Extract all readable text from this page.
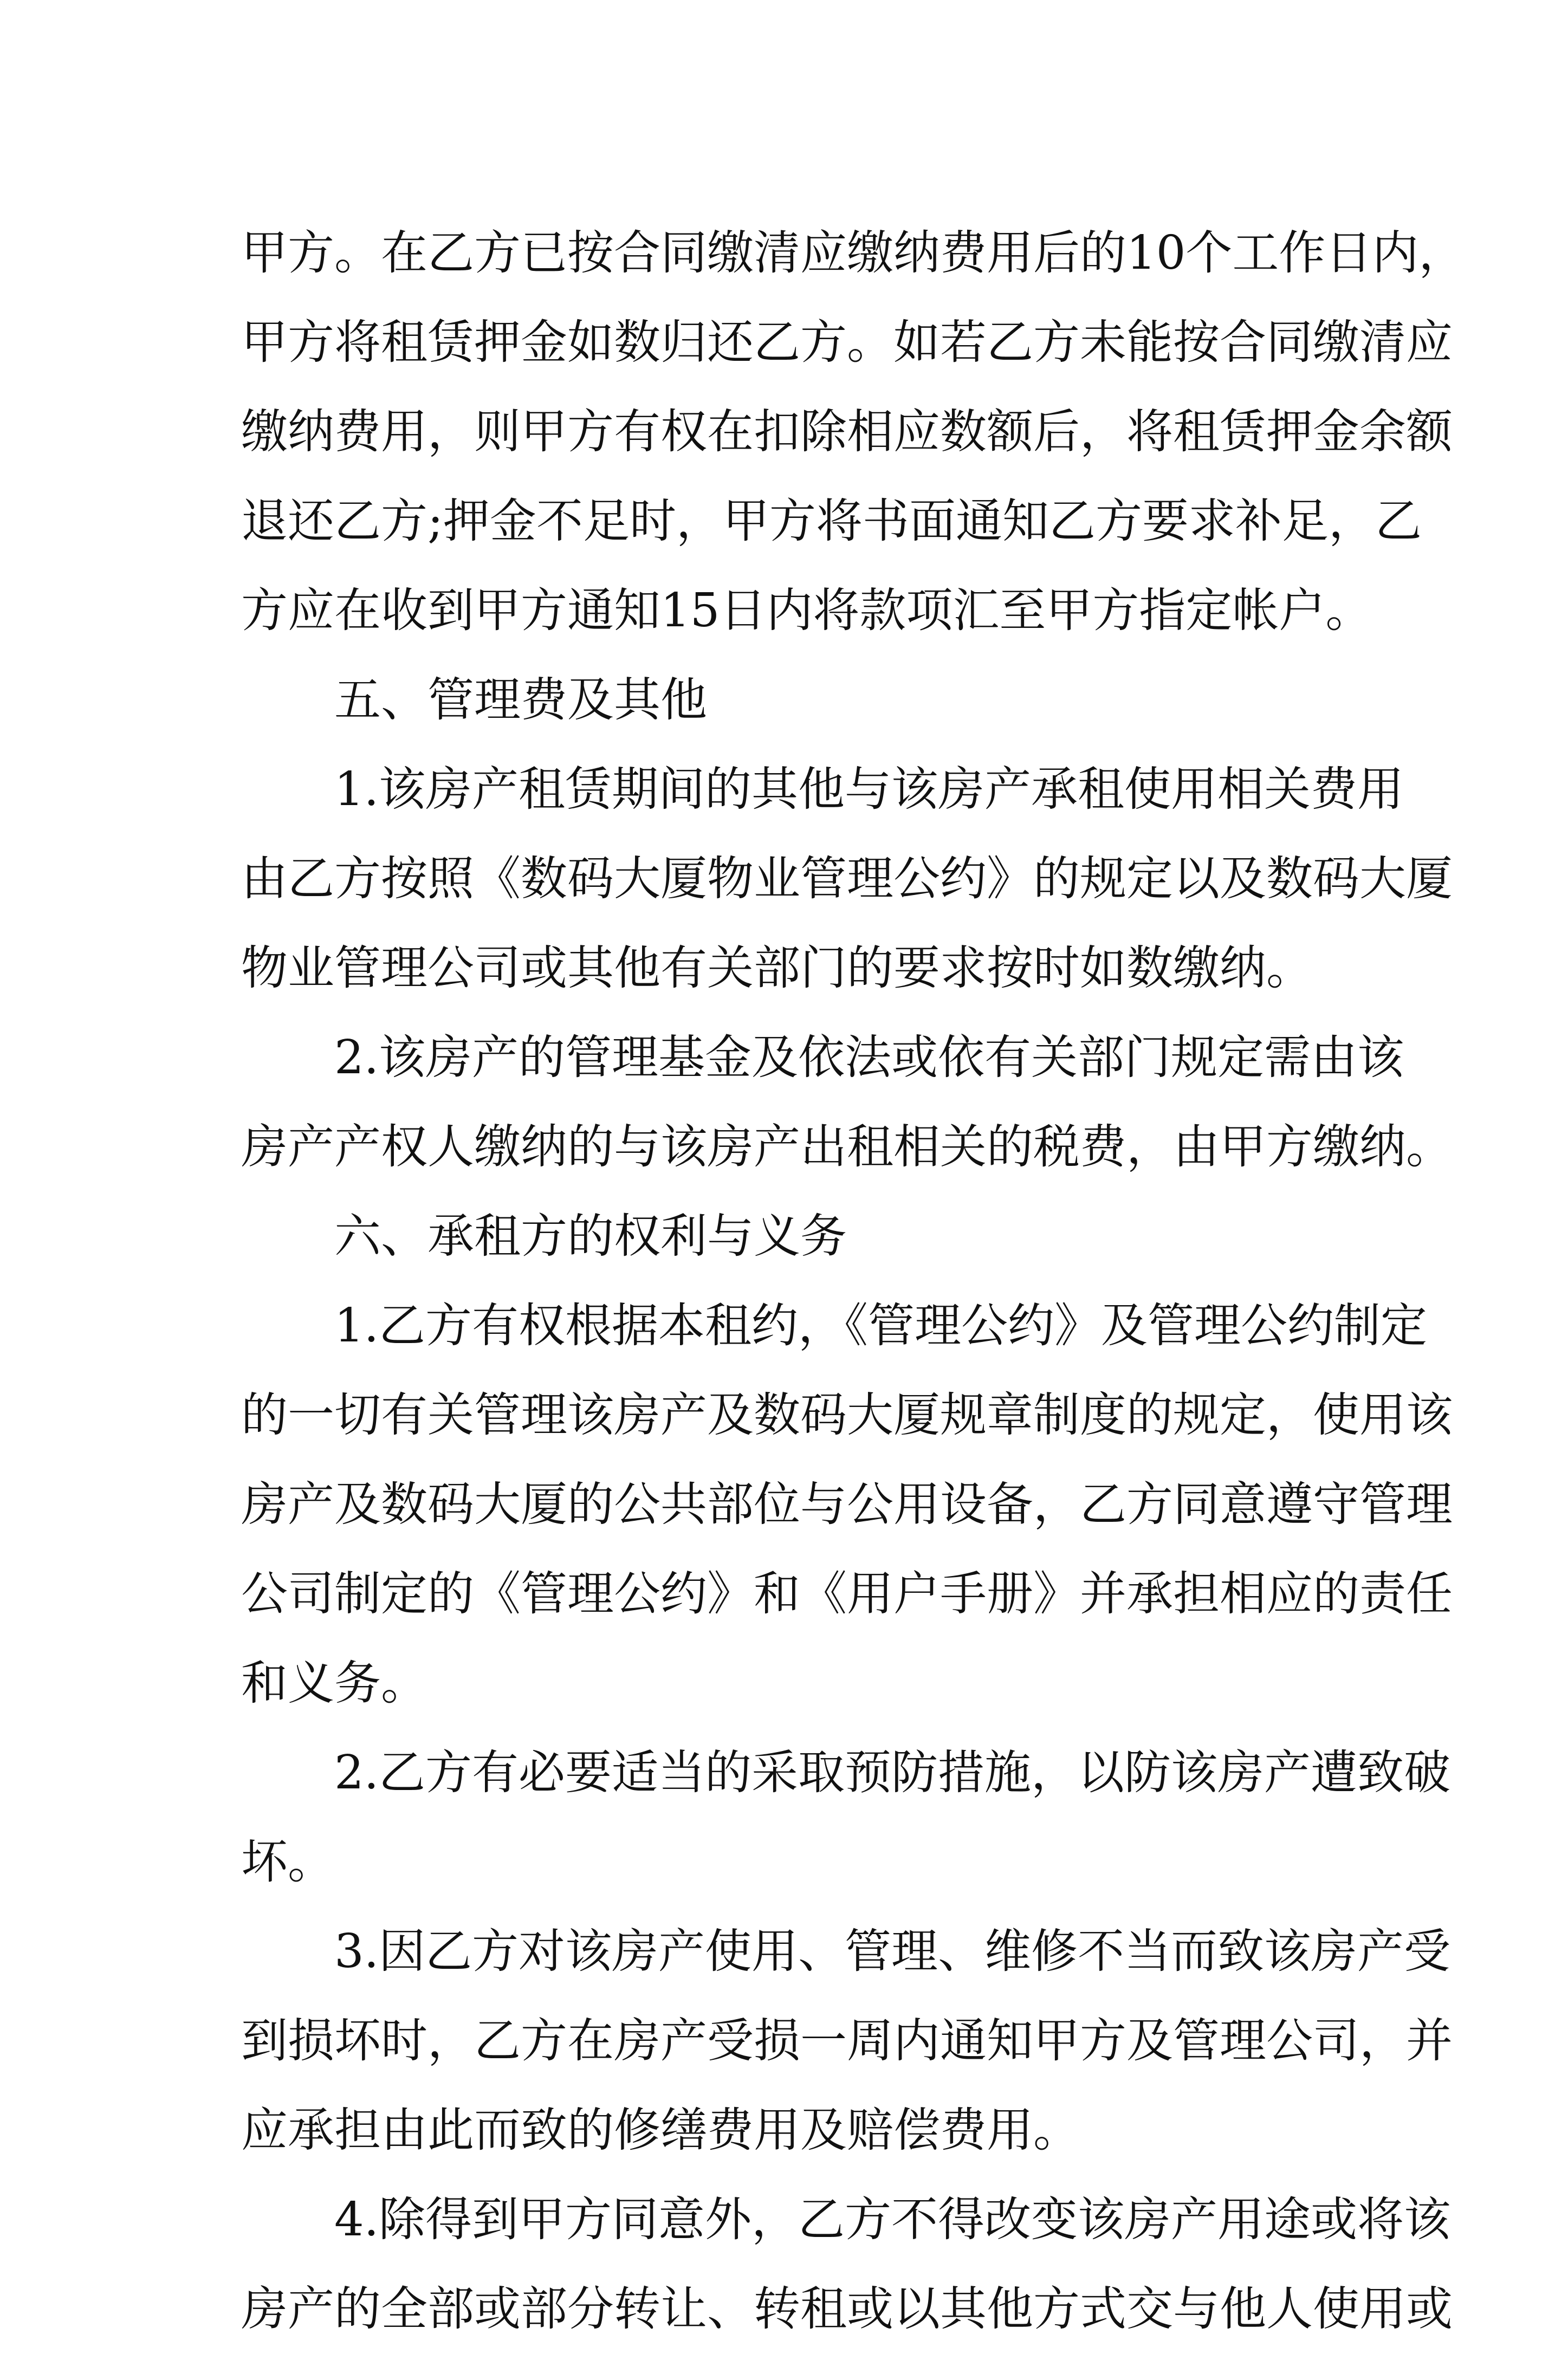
甲方。在乙方已按合同缴清应缴纳费用后的10个工作日内，
甲方将租赁押金如数归还乙方。如若乙方未能按合同缴清应
缴纳费用，则甲方有权在扣除相应数额后，将租赁押金余额
退还乙方;押金不足时，甲方将书面通知乙方要求补足，乙
方应在收到甲方通知15日内将款项汇至甲方指定帐户。
五、管理费及其他
1.该房产租赁期间的其他与该房产承租使用相关费用
由乙方按照《数码大厦物业管理公约》的规定以及数码大厦
物业管理公司或其他有关部门的要求按时如数缴纳。
2.该房产的管理基金及依法或依有关部门规定需由该
房产产权人缴纳的与该房产出租相关的税费，由甲方缴纳。
六、承租方的权利与义务
1.乙方有权根据本租约，《管理公约》及管理公约制定
的一切有关管理该房产及数码大厦规章制度的规定，使用该
房产及数码大厦的公共部位与公用设备，乙方同意遵守管理
公司制定的《管理公约》和《用户手册》并承担相应的责任
和义务。
2.乙方有必要适当的采取预防措施，以防该房产遭致破
坏。
3.因乙方对该房产使用、管理、维修不当而致该房产受
到损坏时，乙方在房产受损一周内通知甲方及管理公司，并
应承担由此而致的修缮费用及赔偿费用。
4.除得到甲方同意外，乙方不得改变该房产用途或将该
房产的全部或部分转让、转租或以其他方式交与他人使用或
